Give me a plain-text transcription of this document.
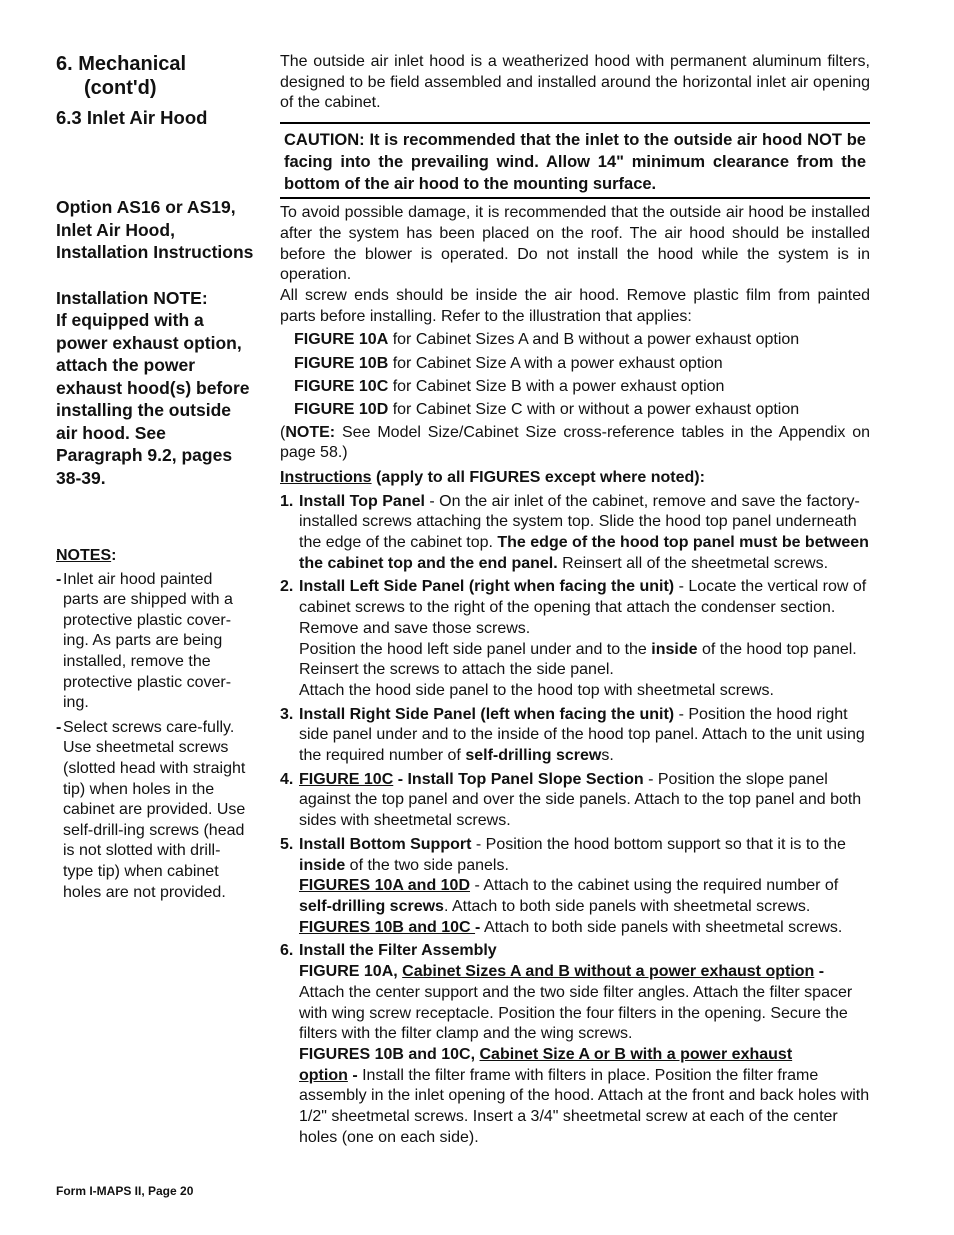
6. Mechanical
(cont'd)
6.3 Inlet Air Hood
Option AS16 or AS19, Inlet Air Hood, Installation Instructions
Installation NOTE:
If equipped with a power exhaust option, attach the power exhaust hood(s) before installing the outside air hood. See Paragraph 9.2, pages 38-39.
NOTES:
- Inlet air hood painted parts are shipped with a protective plastic cover-ing. As parts are being installed, remove the protective plastic cover-ing.
- Select screws care-fully. Use sheetmetal screws (slotted head with straight tip) when holes in the cabinet are provided. Use self-drill-ing screws (head is not slotted with drill-type tip) when cabinet holes are not provided.

The outside air inlet hood is a weatherized hood with permanent aluminum filters, designed to be field assembled and installed around the horizontal inlet air opening of the cabinet.

CAUTION: It is recommended that the inlet to the outside air hood NOT be facing into the prevailing wind. Allow 14" minimum clearance from the bottom of the air hood to the mounting surface.

To avoid possible damage, it is recommended that the outside air hood be installed after the system has been placed on the roof. The air hood should be installed before the blower is operated. Do not install the hood while the system is in operation.

All screw ends should be inside the air hood. Remove plastic film from painted parts before installing. Refer to the illustration that applies:

FIGURE 10A for Cabinet Sizes A and B without a power exhaust option
FIGURE 10B for Cabinet Size A with a power exhaust option
FIGURE 10C for Cabinet Size B with a power exhaust option
FIGURE 10D for Cabinet Size C with or without a power exhaust option

(NOTE: See Model Size/Cabinet Size cross-reference tables in the Appendix on page 58.)

Instructions (apply to all FIGURES except where noted):
1. Install Top Panel - On the air inlet of the cabinet, remove and save the factory-installed screws attaching the system top. Slide the hood top panel underneath the edge of the cabinet top. The edge of the hood top panel must be between the cabinet top and the end panel. Reinsert all of the sheetmetal screws.
2. Install Left Side Panel (right when facing the unit) - Locate the vertical row of cabinet screws to the right of the opening that attach the condenser section. Remove and save those screws.
Position the hood left side panel under and to the inside of the hood top panel. Reinsert the screws to attach the side panel.
Attach the hood side panel to the hood top with sheetmetal screws.
3. Install Right Side Panel (left when facing the unit) - Position the hood right side panel under and to the inside of the hood top panel. Attach to the unit using the required number of self-drilling screws.
4. FIGURE 10C - Install Top Panel Slope Section - Position the slope panel against the top panel and over the side panels. Attach to the top panel and both sides with sheetmetal screws.
5. Install Bottom Support - Position the hood bottom support so that it is to the inside of the two side panels.
FIGURES 10A and 10D - Attach to the cabinet using the required number of self-drilling screws. Attach to both side panels with sheetmetal screws.
FIGURES 10B and 10C - Attach to both side panels with sheetmetal screws.
6. Install the Filter Assembly
FIGURE 10A, Cabinet Sizes A and B without a power exhaust option -
Attach the center support and the two side filter angles. Attach the filter spacer with wing screw receptacle. Position the four filters in the opening. Secure the filters with the filter clamp and the wing screws.
FIGURES 10B and 10C, Cabinet Size A or B with a power exhaust
option - Install the filter frame with filters in place. Position the filter frame assembly in the inlet opening of the hood. Attach at the front and back holes with 1/2" sheetmetal screws. Insert a 3/4" sheetmetal screw at each of the center holes (one on each side).
Form I-MAPS II, Page 20
